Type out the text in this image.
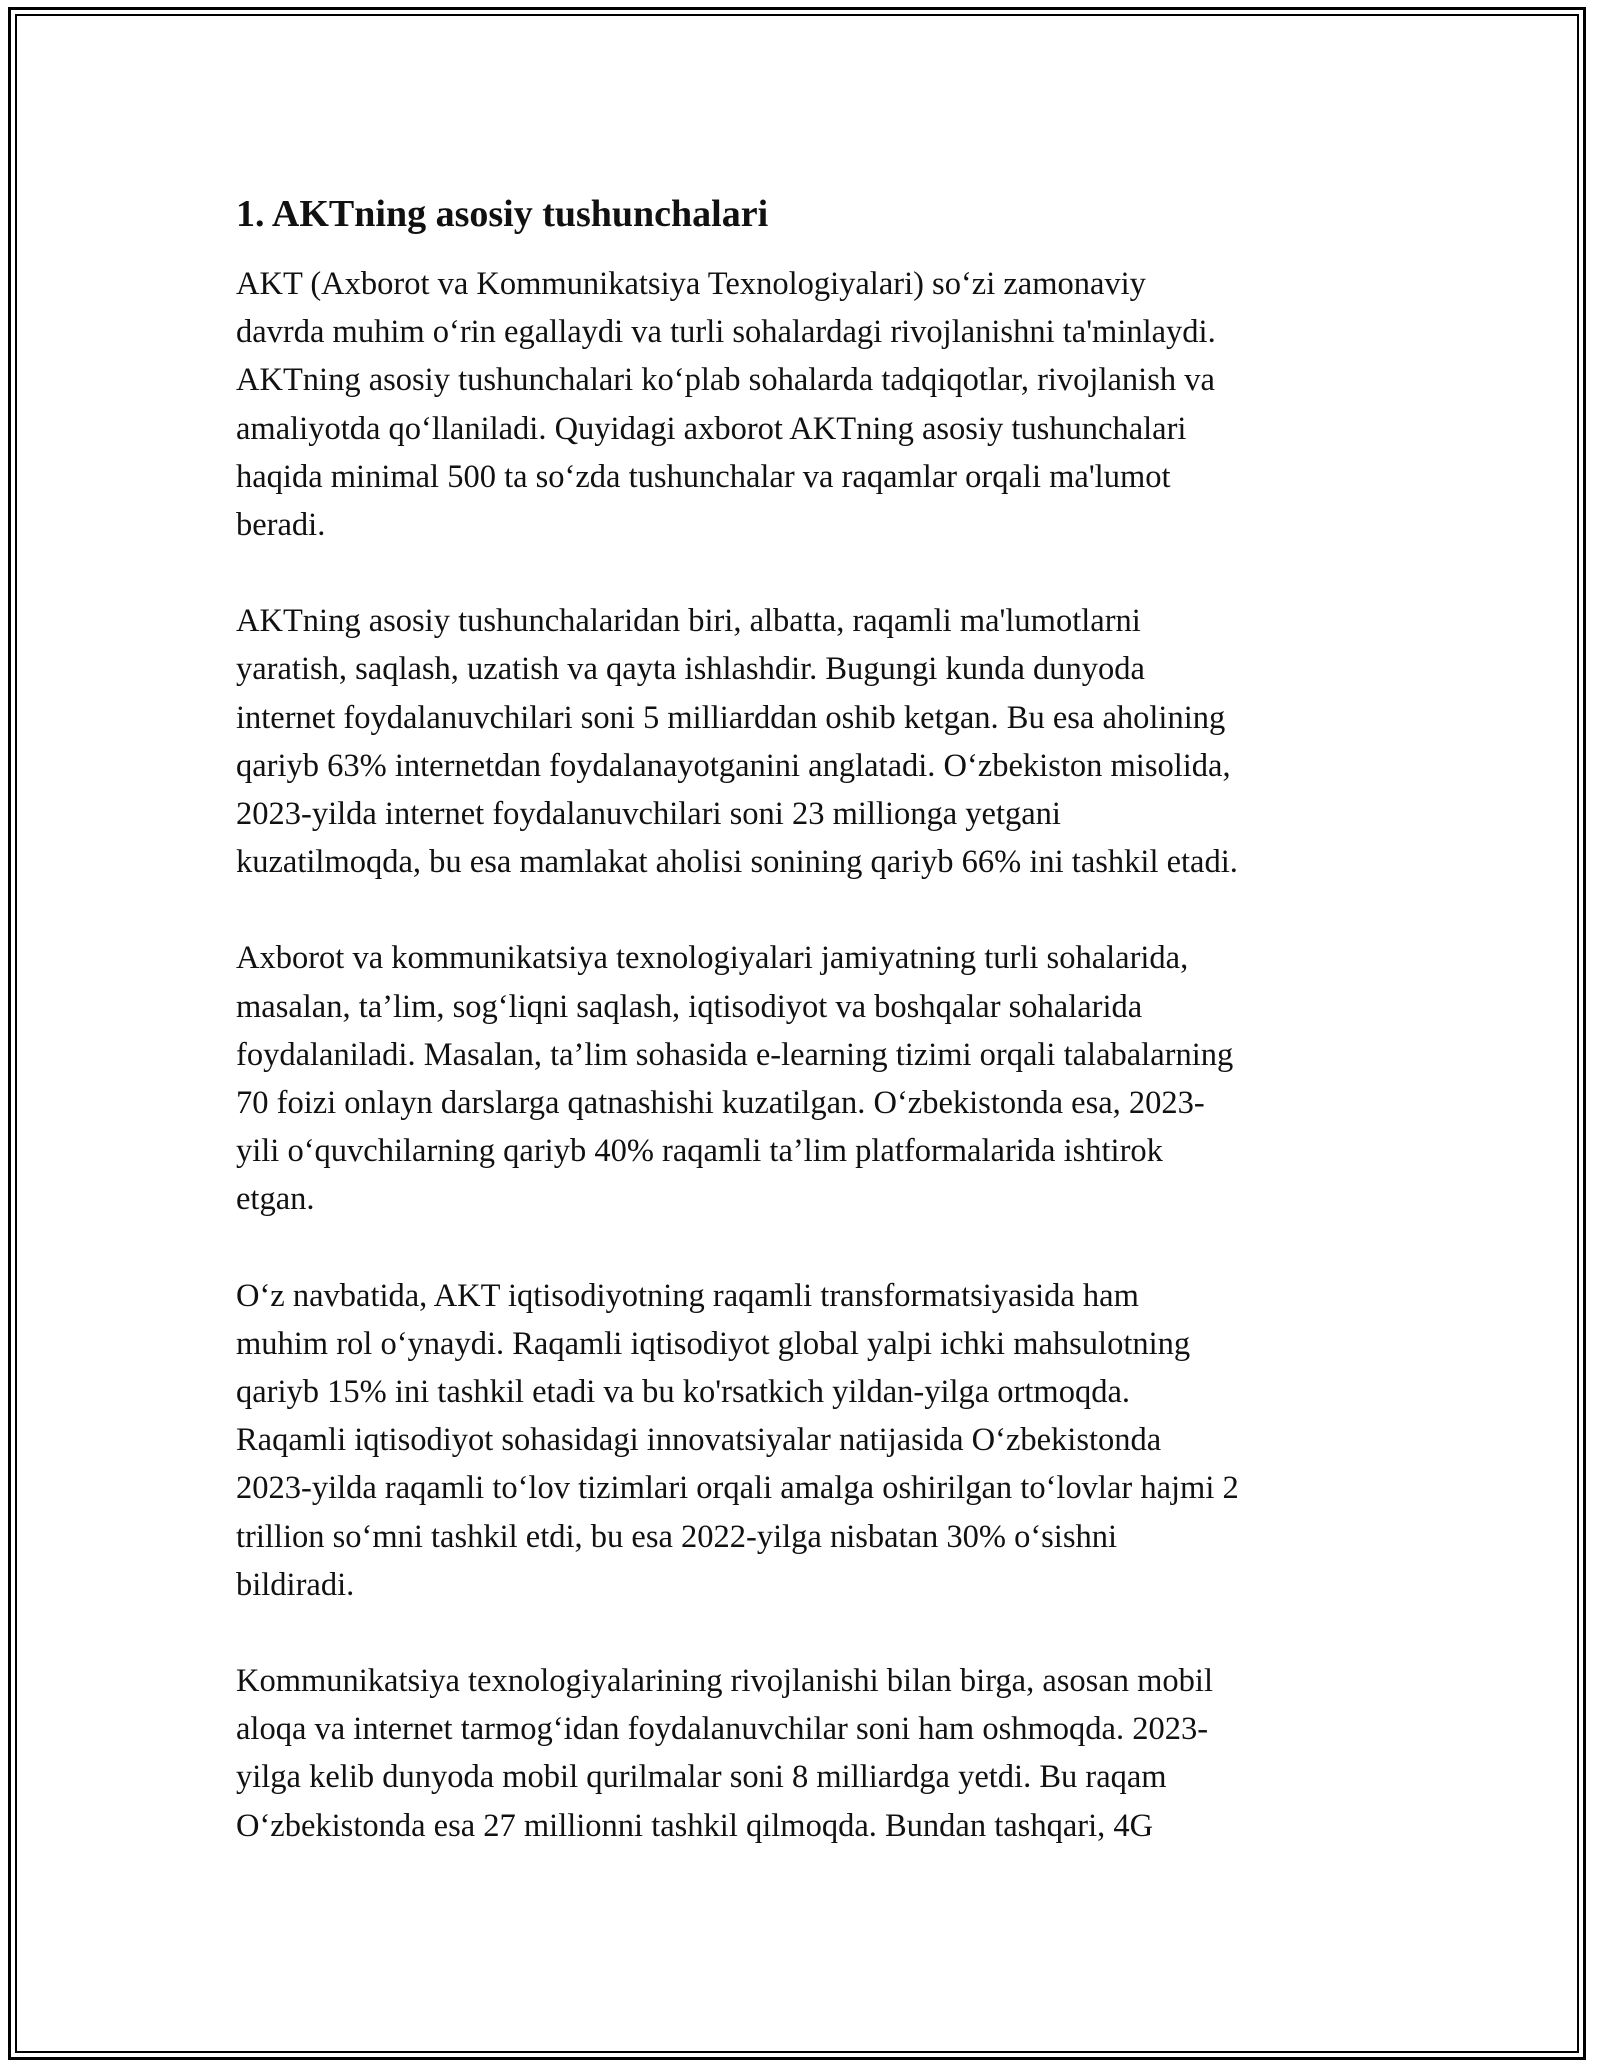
1. AKTning asosiy tushunchalari
AKT (Axborot va Kommunikatsiya Texnologiyalari) so‘zi zamonaviy
davrda muhim o‘rin egallaydi va turli sohalardagi rivojlanishni ta'minlaydi.
AKTning asosiy tushunchalari ko‘plab sohalarda tadqiqotlar, rivojlanish va
amaliyotda qo‘llaniladi. Quyidagi axborot AKTning asosiy tushunchalari
haqida minimal 500 ta so‘zda tushunchalar va raqamlar orqali ma'lumot
beradi.
AKTning asosiy tushunchalaridan biri, albatta, raqamli ma'lumotlarni
yaratish, saqlash, uzatish va qayta ishlashdir. Bugungi kunda dunyoda
internet foydalanuvchilari soni 5 milliarddan oshib ketgan. Bu esa aholining
qariyb 63% internetdan foydalanayotganini anglatadi. O‘zbekiston misolida,
2023-yilda internet foydalanuvchilari soni 23 millionga yetgani
kuzatilmoqda, bu esa mamlakat aholisi sonining qariyb 66% ini tashkil etadi.
Axborot va kommunikatsiya texnologiyalari jamiyatning turli sohalarida,
masalan, ta’lim, sog‘liqni saqlash, iqtisodiyot va boshqalar sohalarida
foydalaniladi. Masalan, ta’lim sohasida e-learning tizimi orqali talabalarning
70 foizi onlayn darslarga qatnashishi kuzatilgan. O‘zbekistonda esa, 2023-
yili o‘quvchilarning qariyb 40% raqamli ta’lim platformalarida ishtirok
etgan.
O‘z navbatida, AKT iqtisodiyotning raqamli transformatsiyasida ham
muhim rol o‘ynaydi. Raqamli iqtisodiyot global yalpi ichki mahsulotning
qariyb 15% ini tashkil etadi va bu ko'rsatkich yildan-yilga ortmoqda.
Raqamli iqtisodiyot sohasidagi innovatsiyalar natijasida O‘zbekistonda
2023-yilda raqamli to‘lov tizimlari orqali amalga oshirilgan to‘lovlar hajmi 2
trillion so‘mni tashkil etdi, bu esa 2022-yilga nisbatan 30% o‘sishni
bildiradi.
Kommunikatsiya texnologiyalarining rivojlanishi bilan birga, asosan mobil
aloqa va internet tarmog‘idan foydalanuvchilar soni ham oshmoqda. 2023-
yilga kelib dunyoda mobil qurilmalar soni 8 milliardga yetdi. Bu raqam
O‘zbekistonda esa 27 millionni tashkil qilmoqda. Bundan tashqari, 4G
